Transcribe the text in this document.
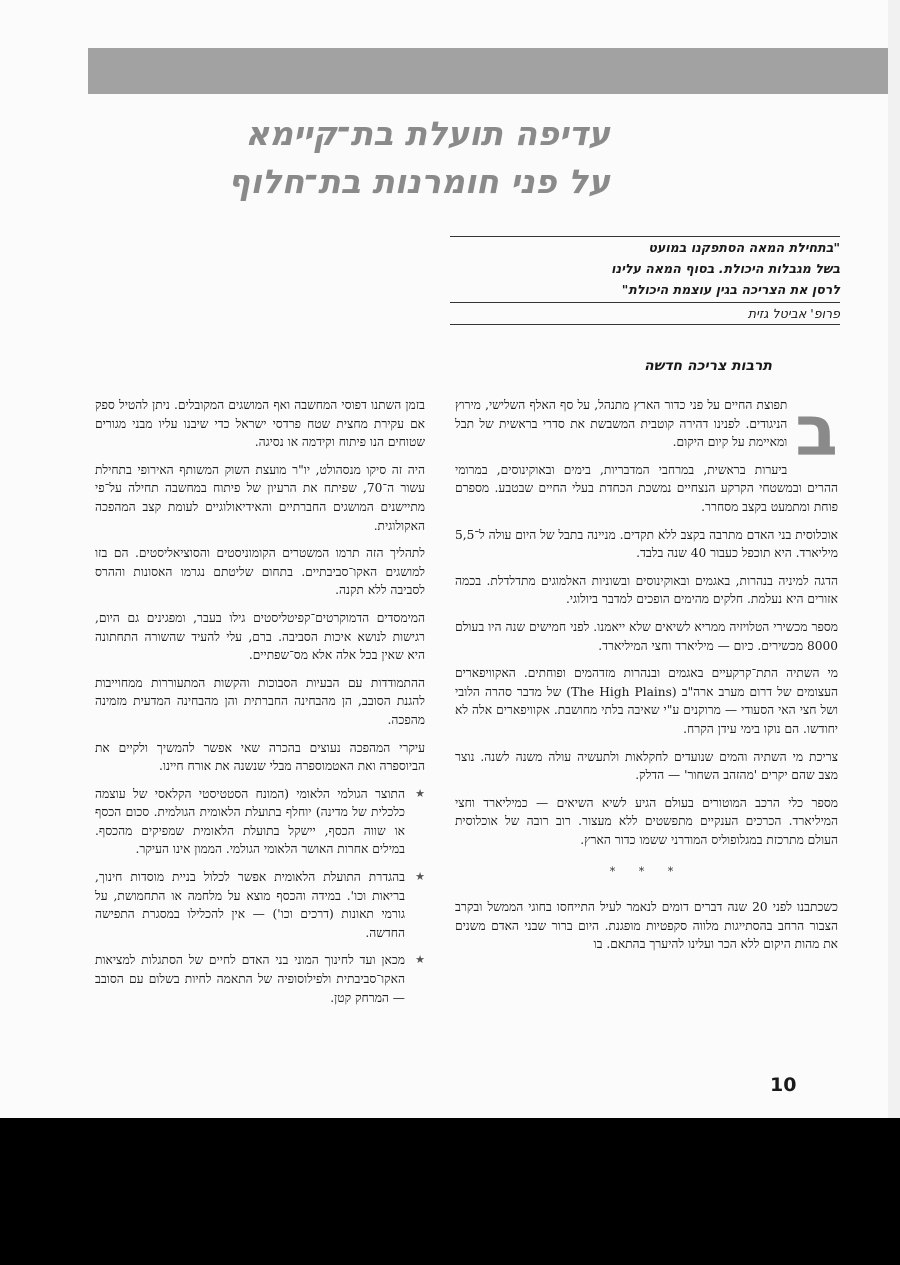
עדיפה תועלת בת־קיימא
על פני חומרנות בת־חלוף
"בתחילת המאה הסתפקנו במועט
בשל מגבלות היכולת. בסוף המאה עלינו
לרסן את הצריכה בגין עוצמת היכולת"
פרופ' אביטל גזית
תרבות צריכה חדשה

ב
תפוצת החיים על פני כדור הארץ מתנהל, על סף האלף השלישי, מירוץ הניגודים. לפנינו דהירה קוטבית המשבשת את סדרי בראשית של תבל ומאיימת על קיום היקום.

ביערות בראשית, במרחבי המדבריות, בימים ובאוקינוסים, במרומי ההרים ובמשטחי הקרקע הנצחיים נמשכת הכחדת בעלי החיים שבטבע. מספרם פוחת ומתמעט בקצב מסחרר.

אוכלוסית בני האדם מתרבה בקצב ללא תקדים. מניינה בתבל של היום עולה ל־5,5 מיליארד. היא תוכפל כעבור 40 שנה בלבד.

הדגה למיניה בנהרות, באגמים ובאוקינוסים ובשוניות האלמוגים מתדלדלת. בכמה אזורים היא נעלמת. חלקים מהימים הופכים למדבר ביולוגי.

מספר מכשירי הטלויזיה ממריא לשיאים שלא ייאמנו. לפני חמישים שנה היו בעולם 8000 מכשירים. כיום — מיליארד וחצי המיליארד.

מי השתיה התת־קרקעיים באגמים ובנהרות מזדהמים ופוחתים. האקוויפארים העצומים של דרום מערב ארה"ב (The High Plains) של מדבר סהרה הלובי ושל חצי האי הסעודי — מרוקנים ע"י שאיבה בלתי מחושבת. אקוויפארים אלה לא יחודשו. הם נוקו בימי עידן הקרח.

צריכת מי השתיה והמים שנועדים לחקלאות ולתעשיה עולה משנה לשנה. נוצר מצב שהם יקרים 'מהזהב השחור' — הדלק.

מספר כלי הרכב המוטורים בעולם הגיע לשיא השיאים — כמיליארד וחצי המיליארד. הכרכים הענקיים מתפשטים ללא מעצור. רוב רובה של אוכלוסית העולם מתרכזת במגלופוליס המודרני ששמו כדור הארץ.

* * *

כשכתבנו לפני 20 שנה דברים דומים לנאמר לעיל התייחסו בחוגי הממשל ובקרב הצבור הרחב בהסתייגות מלווה סקפטיות מופגנת. היום ברור שבני האדם משנים את מהות היקום ללא הכר ועלינו להיערך בהתאם. בו

בזמן השתנו דפוסי המחשבה ואף המושגים המקובלים. ניתן להטיל ספק אם עקירת מחצית שטח פרדסי ישראל כדי שיבנו עליו מבני מגורים שטוחים הנו פיתוח וקידמה או נסיגה.

היה זה סיקו מנסהולט, יו"ר מועצת השוק המשותף האירופי בתחילת עשור ה־70, שפיתח את הרעיון של פיתוח במחשבה תחילה על־פי מתיישנים המושגים החברתיים והאידיאולוגיים לעומת קצב המהפכה האקולוגית.

לתהליך הזה תרמו המשטרים הקומוניסטים והסוציאליסטים. הם בזו למושגים האקו־סביבתיים. בתחום שליטתם נגרמו האסונות וההרס לסביבה ללא תקנה.

המימסדים הדמוקרטים־קפיטליסטים גילו בעבר, ומפגינים גם היום, רגישות לנושא איכות הסביבה. ברם, עלי להעיד שהשורה התחתונה היא שאין בכל אלה אלא מס־שפתיים.

ההתמודדות עם הבעיות הסבוכות והקשות המתעוררות ממחוייבות להגנת הסובב, הן מהבחינה החברתית והן מהבחינה המדעית מזמינה מהפכה.

עיקרי המהפכה נעוצים בהכרה שאי אפשר להמשיך ולקיים את הביוספרה ואת האטמוספרה מבלי שנשנה את אורח חיינו.

★
התוצר הגולמי הלאומי (המונח הסטטיסטי הקלאסי של עוצמה כלכלית של מדינה) יוחלף בתועלת הלאומית הגולמית. סכום הכסף או שווה הכסף, יישקל בתועלת הלאומית שמפיקים מהכסף. במילים אחרות האושר הלאומי הגולמי. הממון אינו העיקר.

★
בהגדרת התועלת הלאומית אפשר לכלול בניית מוסדות חינוך, בריאות וכו'. במידה והכסף מוצא על מלחמה או התחמושת, על גורמי תאונות (דרכים וכו') — אין להכלילו במסגרת התפישה החדשה.

★
מכאן ועד לחינוך המוני בני האדם לחיים של הסתגלות למציאות האקו־סביבתית ולפילוסופיה של התאמה לחיות בשלום עם הסובב — המרחק קטן.

10
